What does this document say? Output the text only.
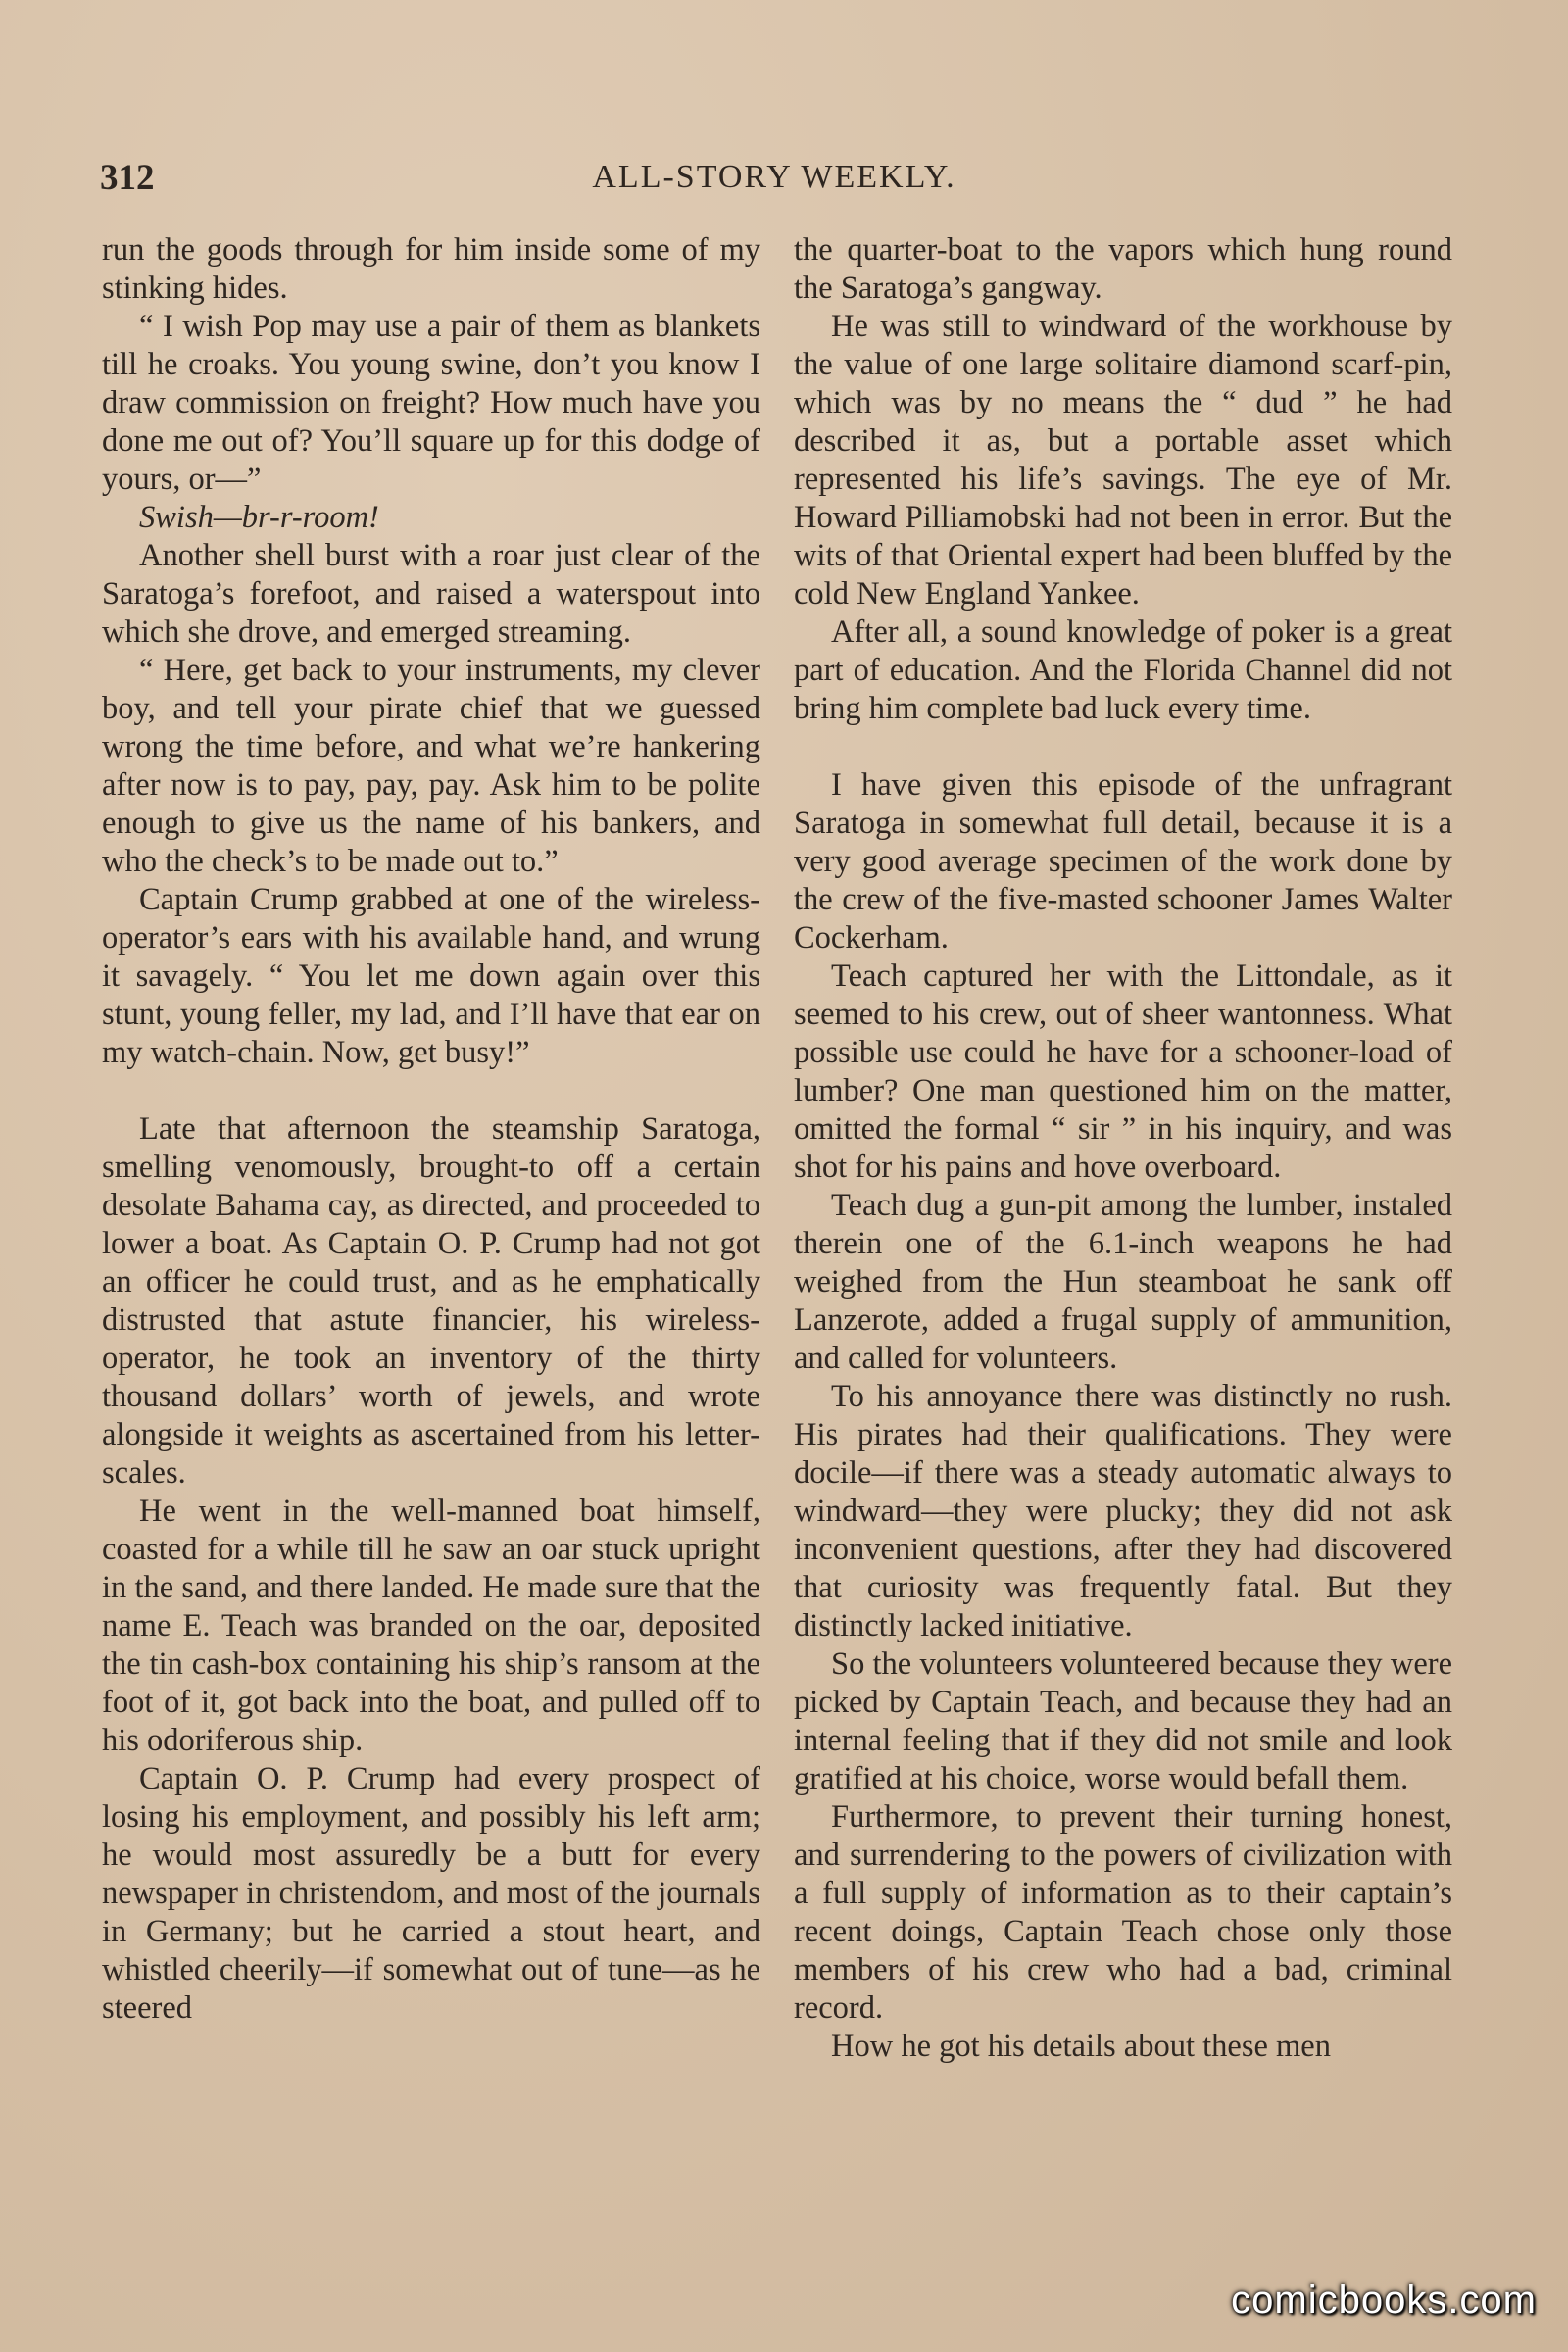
312	ALL-STORY WEEKLY.

run the goods through for him inside some of my stinking hides.

“ I wish Pop may use a pair of them as blankets till he croaks. You young swine, don’t you know I draw commission on freight? How much have you done me out of? You’ll square up for this dodge of yours, or—”

Swish—br-r-room!

Another shell burst with a roar just clear of the Saratoga’s forefoot, and raised a waterspout into which she drove, and emerged streaming.

“ Here, get back to your instruments, my clever boy, and tell your pirate chief that we guessed wrong the time before, and what we’re hankering after now is to pay, pay, pay. Ask him to be polite enough to give us the name of his bankers, and who the check’s to be made out to.”

Captain Crump grabbed at one of the wireless-operator’s ears with his available hand, and wrung it savagely. “ You let me down again over this stunt, young feller, my lad, and I’ll have that ear on my watch-chain. Now, get busy!”

Late that afternoon the steamship Saratoga, smelling venomously, brought-to off a certain desolate Bahama cay, as directed, and proceeded to lower a boat. As Captain O. P. Crump had not got an officer he could trust, and as he emphatically distrusted that astute financier, his wireless-operator, he took an inventory of the thirty thousand dollars’ worth of jewels, and wrote alongside it weights as ascertained from his letter-scales.

He went in the well-manned boat himself, coasted for a while till he saw an oar stuck upright in the sand, and there landed. He made sure that the name E. Teach was branded on the oar, deposited the tin cash-box containing his ship’s ransom at the foot of it, got back into the boat, and pulled off to his odoriferous ship.

Captain O. P. Crump had every prospect of losing his employment, and possibly his left arm; he would most assuredly be a butt for every newspaper in christendom, and most of the journals in Germany; but he carried a stout heart, and whistled cheerily—if somewhat out of tune—as he steered

the quarter-boat to the vapors which hung round the Saratoga’s gangway.

He was still to windward of the workhouse by the value of one large solitaire diamond scarf-pin, which was by no means the “ dud ” he had described it as, but a portable asset which represented his life’s savings. The eye of Mr. Howard Pilliamobski had not been in error. But the wits of that Oriental expert had been bluffed by the cold New England Yankee.

After all, a sound knowledge of poker is a great part of education. And the Florida Channel did not bring him complete bad luck every time.

I have given this episode of the unfragrant Saratoga in somewhat full detail, because it is a very good average specimen of the work done by the crew of the five-masted schooner James Walter Cockerham.

Teach captured her with the Littondale, as it seemed to his crew, out of sheer wantonness. What possible use could he have for a schooner-load of lumber? One man questioned him on the matter, omitted the formal “ sir ” in his inquiry, and was shot for his pains and hove overboard.

Teach dug a gun-pit among the lumber, instaled therein one of the 6.1-inch weapons he had weighed from the Hun steamboat he sank off Lanzerote, added a frugal supply of ammunition, and called for volunteers.

To his annoyance there was distinctly no rush. His pirates had their qualifications. They were docile—if there was a steady automatic always to windward—they were plucky; they did not ask inconvenient questions, after they had discovered that curiosity was frequently fatal. But they distinctly lacked initiative.

So the volunteers volunteered because they were picked by Captain Teach, and because they had an internal feeling that if they did not smile and look gratified at his choice, worse would befall them.

Furthermore, to prevent their turning honest, and surrendering to the powers of civilization with a full supply of information as to their captain’s recent doings, Captain Teach chose only those members of his crew who had a bad, criminal record.

How he got his details about these men

comicbooks.com
